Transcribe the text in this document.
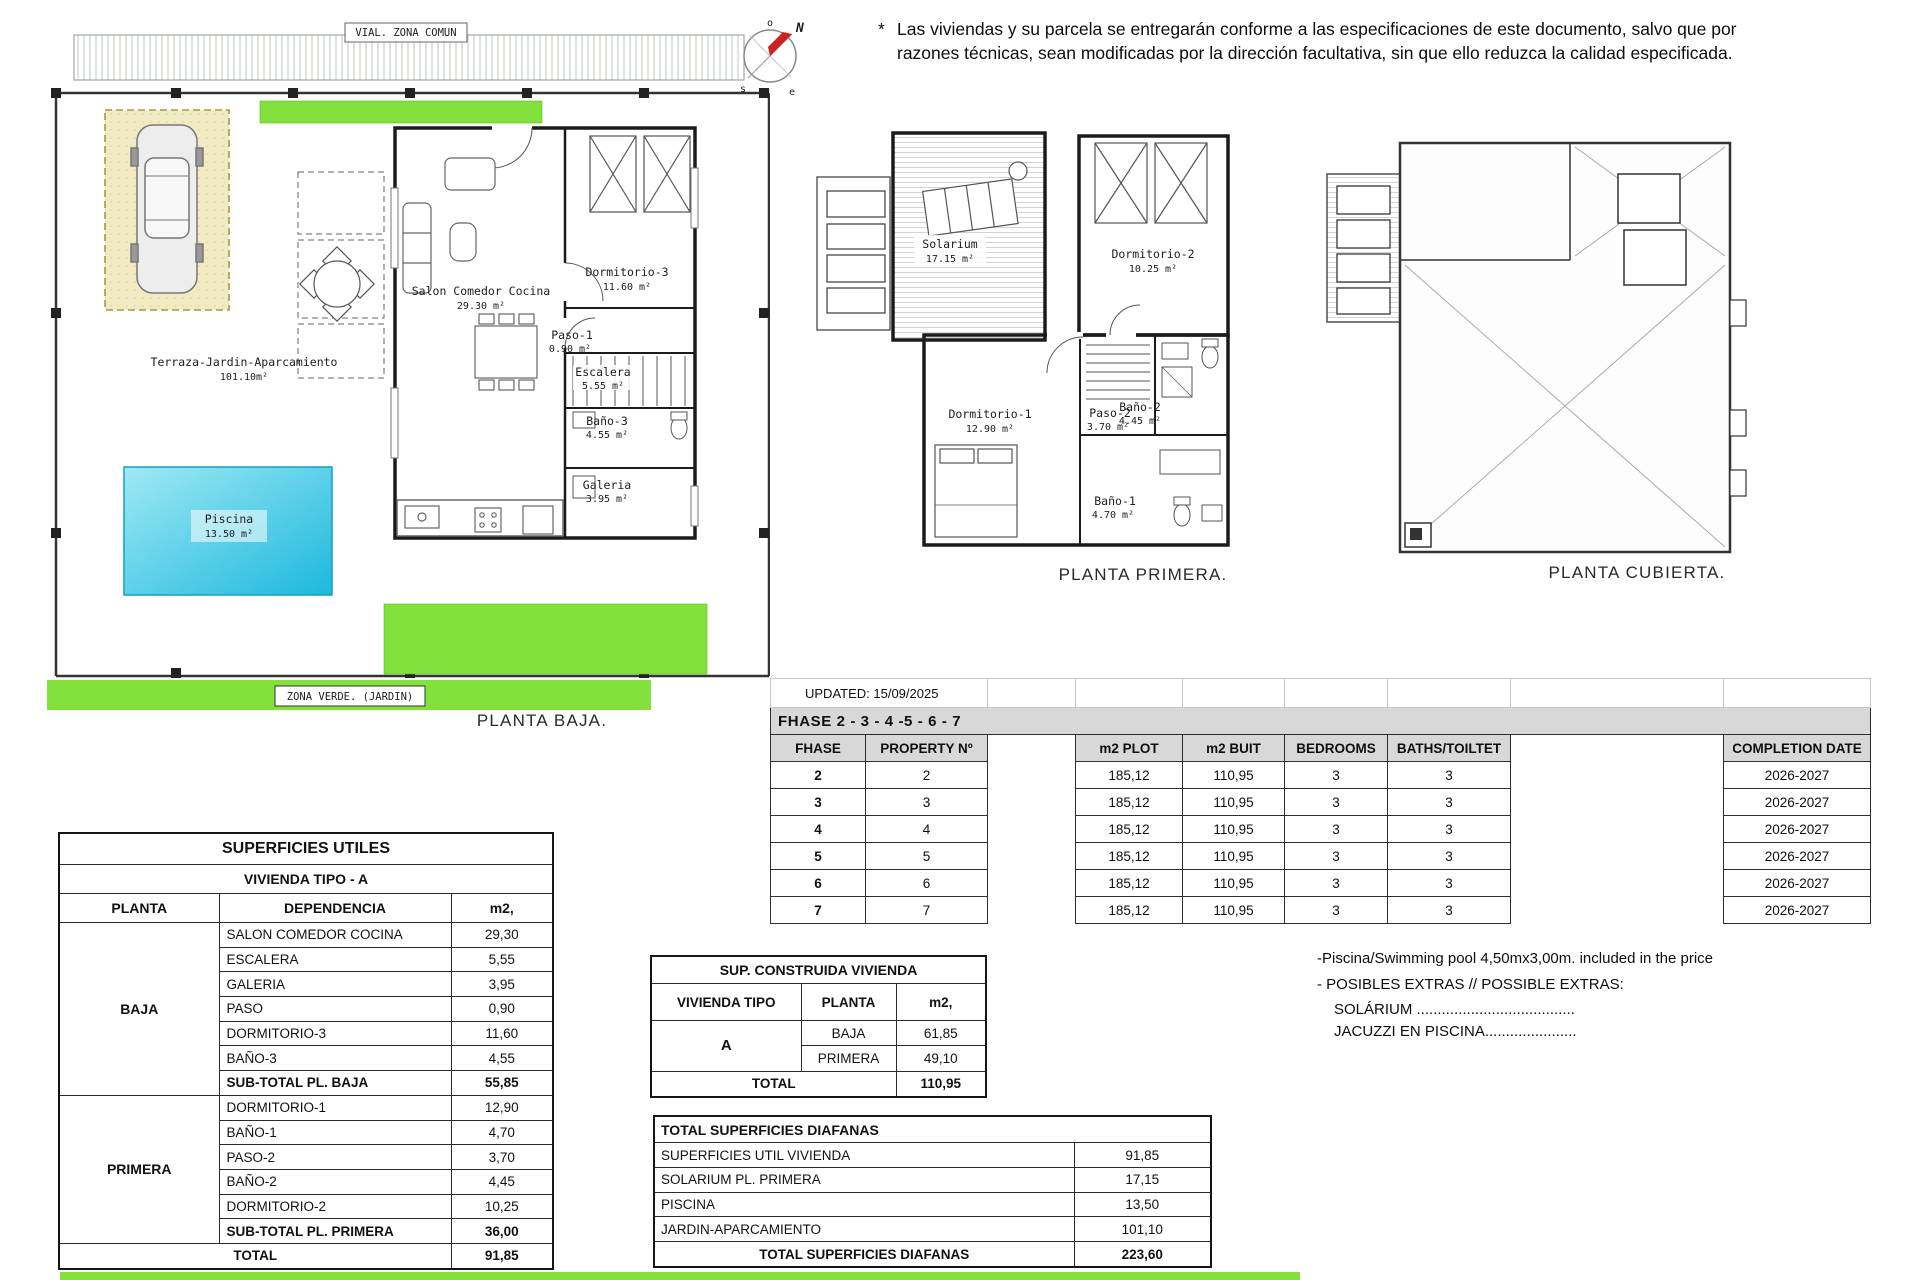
VIAL. ZONA COMUN
ZONA VERDE. (JARDIN)
Terraza-Jardin-Aparcamiento
101.10m²
Piscina
13.50 m²
Salon Comedor Cocina
29.30 m²
Dormitorio-3
11.60 m²
Paso-1
0.90 m²
Escalera
5.55 m²
Baño-3
4.55 m²
Galeria
3.95 m²
PLANTA BAJA.
o N
s	e
* Las viviendas y su parcela se entregarán conforme a las especificaciones de este documento, salvo que por
razones técnicas, sean modificadas por la dirección facultativa, sin que ello reduzca la calidad especificada.
Solarium
17.15 m²	Dormitorio-2
10.25 m²
Paso-2
3.70 m²
Dormitorio-1
12.90 m²
Baño-2
4.45 m²
Baño-1
4.70 m²
PLANTA PRIMERA.	PLANTA CUBIERTA.
UPDATED: 15/09/2025								
FHASE 2 - 3 - 4 -5 - 6 - 7								
FHASE	PROPERTY Nº		m2 PLOT	m2 BUIT	BEDROOMS	BATHS/TOILTET		COMPLETION DATE
2	2		185,12	110,95	3	3		2026-2027
3	3		185,12	110,95	3	3		2026-2027
4	4		185,12	110,95	3	3		2026-2027
5	5		185,12	110,95	3	3		2026-2027
6	6		185,12	110,95	3	3		2026-2027
7	7		185,12	110,95	3	3		2026-2027
SUPERFICIES UTILES		
VIVIENDA TIPO - A		
PLANTA	DEPENDENCIA	m2,
BAJA	SALON COMEDOR COCINA	29,30
	ESCALERA	5,55
	GALERIA	3,95
	PASO	0,90
	DORMITORIO-3	11,60
	BAÑO-3	4,55
	SUB-TOTAL PL. BAJA	55,85
PRIMERA	DORMITORIO-1	12,90
	BAÑO-1	4,70
	PASO-2	3,70
	BAÑO-2	4,45
	DORMITORIO-2	10,25
	SUB-TOTAL PL. PRIMERA	36,00
TOTAL		91,85
SUP. CONSTRUIDA VIVIENDA		
VIVIENDA TIPO	PLANTA	m2,
A	BAJA	61,85
	PRIMERA	49,10
TOTAL		110,95
TOTAL SUPERFICIES DIAFANAS	
SUPERFICIES UTIL VIVIENDA	91,85
SOLARIUM PL. PRIMERA	17,15
PISCINA	13,50
JARDIN-APARCAMIENTO	101,10
TOTAL SUPERFICIES DIAFANAS	223,60
-Piscina/Swimming pool 4,50mx3,00m. included in the price
- POSIBLES EXTRAS // POSSIBLE EXTRAS:
SOLÁRIUM ......................................
JACUZZI EN PISCINA......................
